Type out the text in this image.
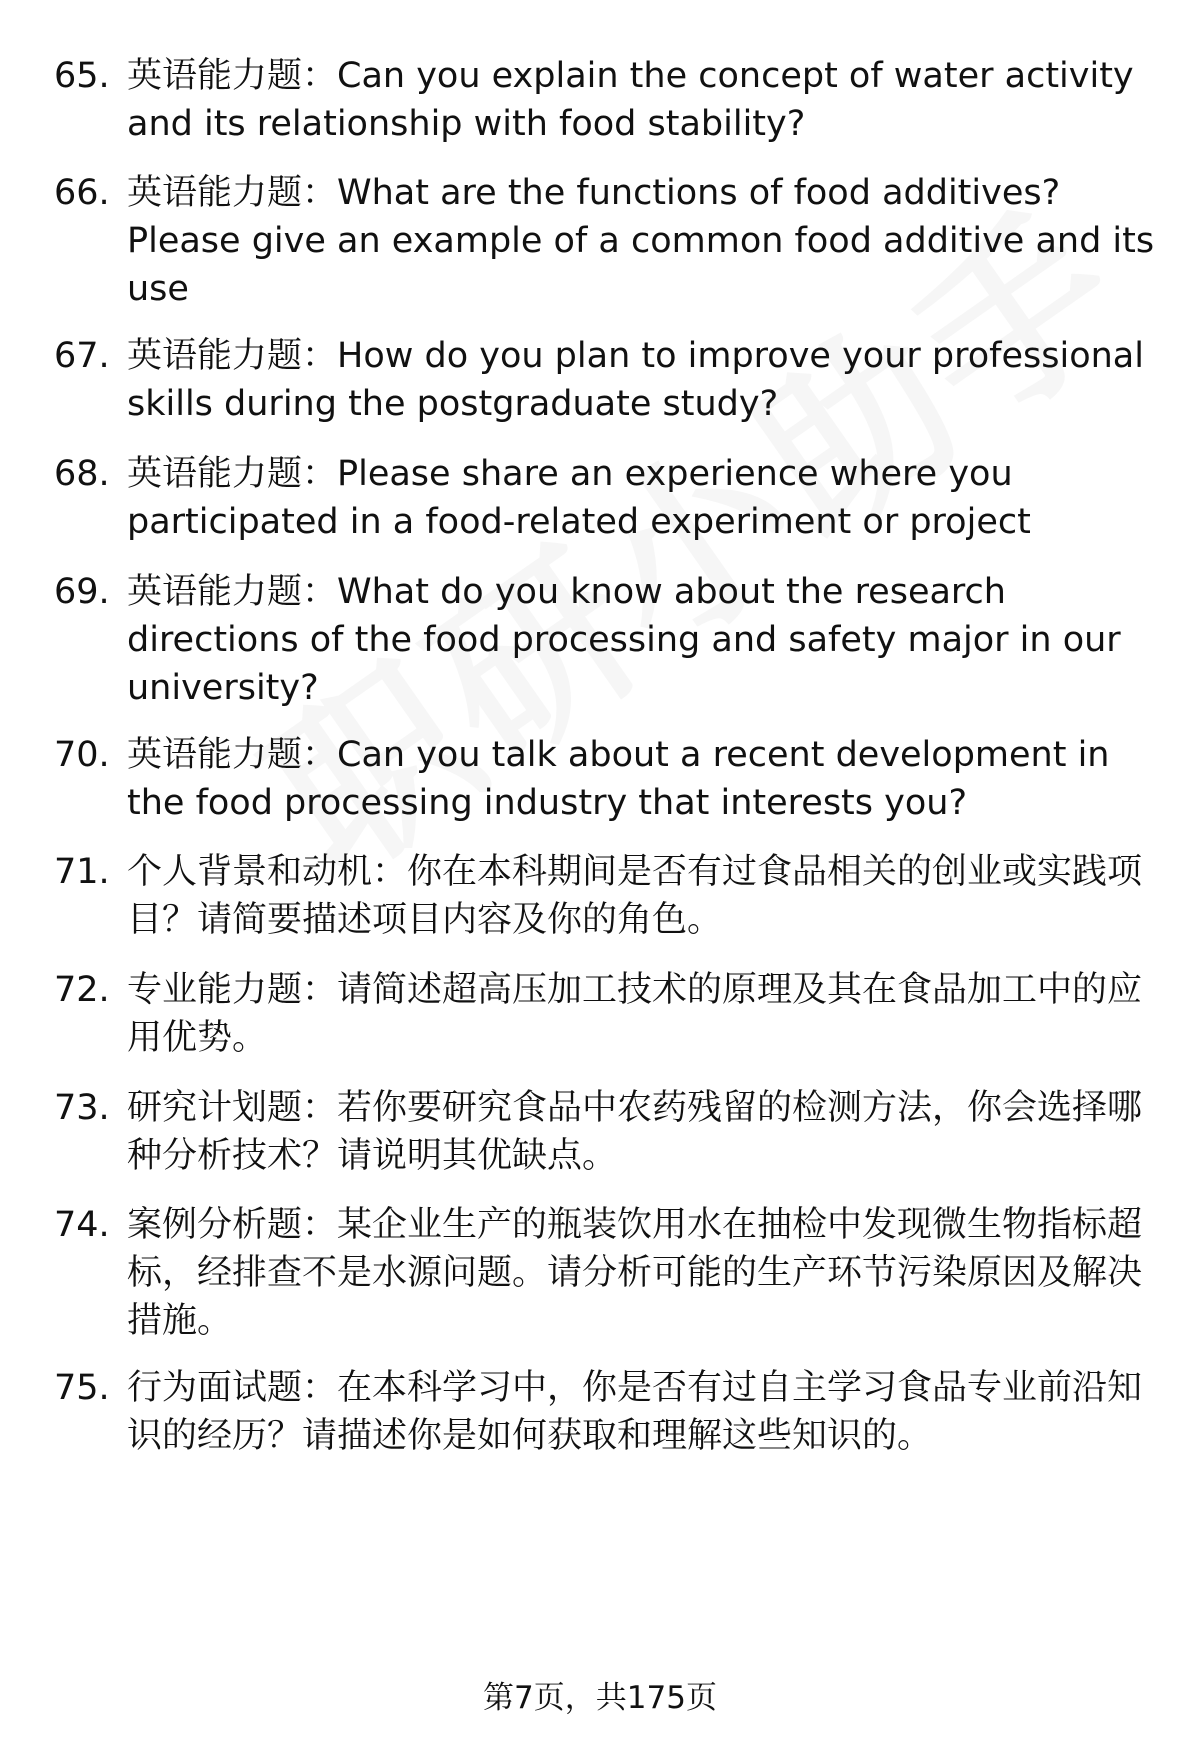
65. 英语能力题：Can you explain the concept of water activity and its relationship with food stability?
66. 英语能力题：What are the functions of food additives? Please give an example of a common food additive and its use
67. 英语能力题：How do you plan to improve your professional skills during the postgraduate study?
68. 英语能力题：Please share an experience where you participated in a food-related experiment or project
69. 英语能力题：What do you know about the research directions of the food processing and safety major in our university?
70. 英语能力题：Can you talk about a recent development in the food processing industry that interests you?
71. 个人背景和动机：你在本科期间是否有过食品相关的创业或实践项目？请简要描述项目内容及你的角色。
72. 专业能力题：请简述超高压加工技术的原理及其在食品加工中的应用优势。
73. 研究计划题：若你要研究食品中农药残留的检测方法，你会选择哪种分析技术？请说明其优缺点。
74. 案例分析题：某企业生产的瓶装饮用水在抽检中发现微生物指标超标，经排查不是水源问题。请分析可能的生产环节污染原因及解决措施。
75. 行为面试题：在本科学习中，你是否有过自主学习食品专业前沿知识的经历？请描述你是如何获取和理解这些知识的。
第7页，共175页
